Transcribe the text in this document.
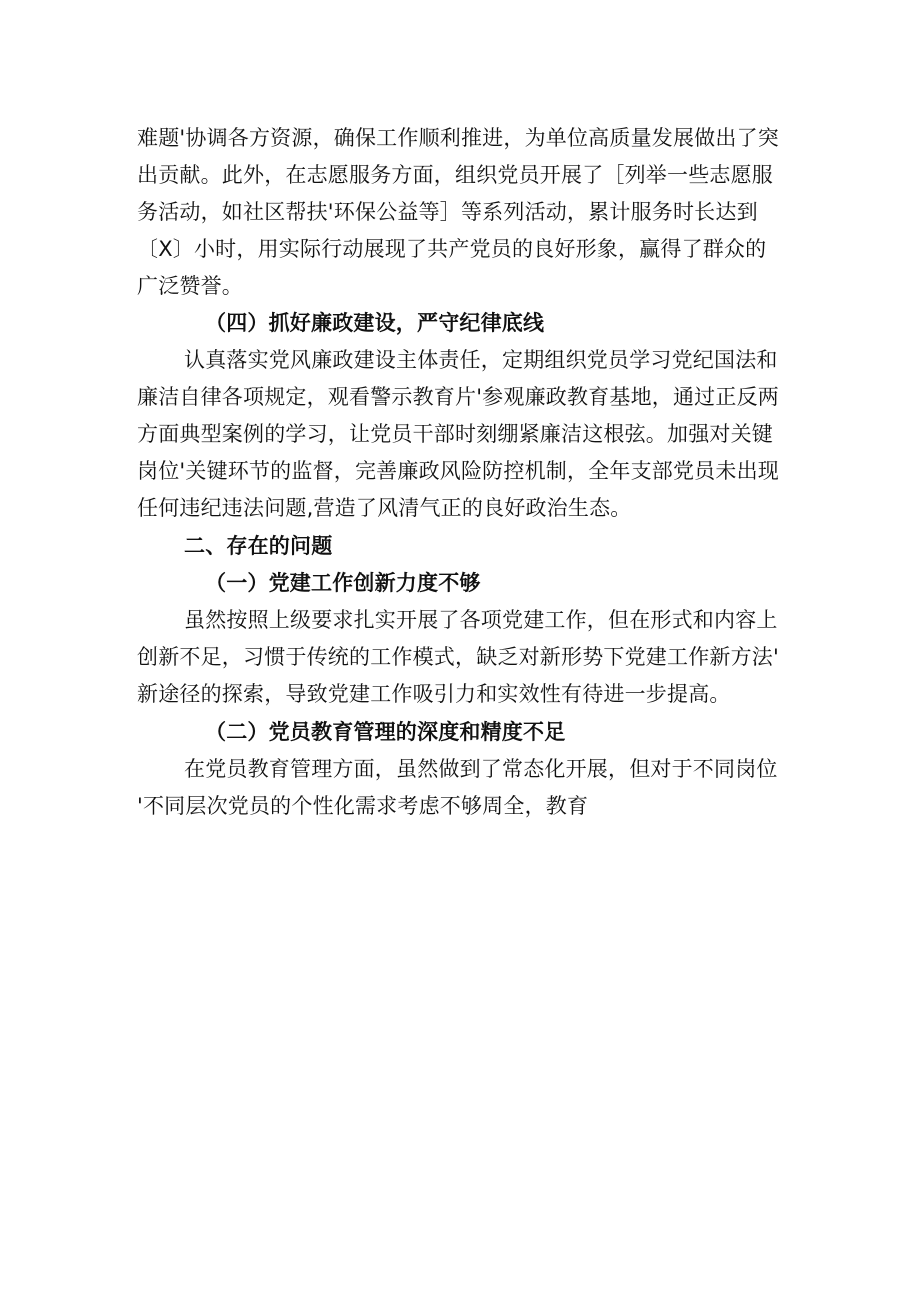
难题'协调各方资源，确保工作顺利推进，为单位高质量发展做出了突
出贡献。此外，在志愿服务方面，组织党员开展了［列举一些志愿服
务活动，如社区帮扶'环保公益等］等系列活动，累计服务时长达到
〔X〕小时，用实际行动展现了共产党员的良好形象，赢得了群众的
广泛赞誉。
（四）抓好廉政建设，严守纪律底线
认真落实党风廉政建设主体责任，定期组织党员学习党纪国法和
廉洁自律各项规定，观看警示教育片'参观廉政教育基地，通过正反两
方面典型案例的学习，让党员干部时刻绷紧廉洁这根弦。加强对关键
岗位'关键环节的监督，完善廉政风险防控机制，全年支部党员未出现
任何违纪违法问题,营造了风清气正的良好政治生态。
二、存在的问题
（一）党建工作创新力度不够
虽然按照上级要求扎实开展了各项党建工作，但在形式和内容上
创新不足，习惯于传统的工作模式，缺乏对新形势下党建工作新方法'
新途径的探索，导致党建工作吸引力和实效性有待进一步提高。
（二）党员教育管理的深度和精度不足
在党员教育管理方面，虽然做到了常态化开展，但对于不同岗位
'不同层次党员的个性化需求考虑不够周全，教育
